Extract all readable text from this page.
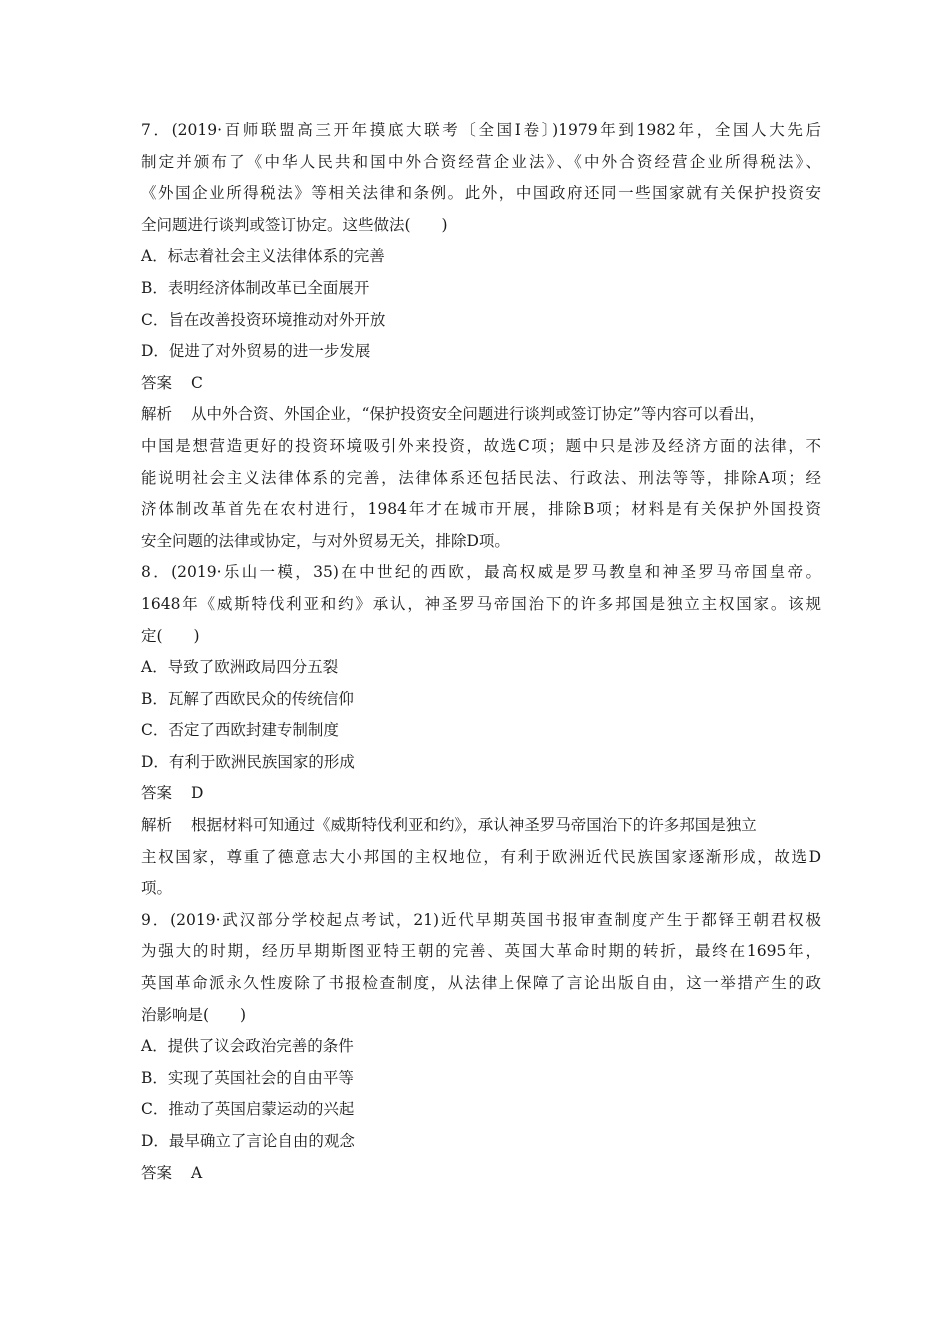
7．(2019·百师联盟高三开年摸底大联考〔全国Ⅰ卷〕)1979年到1982年，全国人大先后
制定并颁布了《中华人民共和国中外合资经营企业法》、《中外合资经营企业所得税法》、
《外国企业所得税法》等相关法律和条例。此外，中国政府还同一些国家就有关保护投资安
全问题进行谈判或签订协定。这些做法(　　)
A．标志着社会主义法律体系的完善
B．表明经济体制改革已全面展开
C．旨在改善投资环境推动对外开放
D．促进了对外贸易的进一步发展
答案 C
解析 从中外合资、外国企业，“保护投资安全问题进行谈判或签订协定”等内容可以看出，
中国是想营造更好的投资环境吸引外来投资，故选C项；题中只是涉及经济方面的法律，不
能说明社会主义法律体系的完善，法律体系还包括民法、行政法、刑法等等，排除A项；经
济体制改革首先在农村进行，1984年才在城市开展，排除B项；材料是有关保护外国投资
安全问题的法律或协定，与对外贸易无关，排除D项。
8．(2019·乐山一模，35)在中世纪的西欧，最高权威是罗马教皇和神圣罗马帝国皇帝。
1648年《威斯特伐利亚和约》承认，神圣罗马帝国治下的许多邦国是独立主权国家。该规
定(　　)
A．导致了欧洲政局四分五裂
B．瓦解了西欧民众的传统信仰
C．否定了西欧封建专制制度
D．有利于欧洲民族国家的形成
答案 D
解析 根据材料可知通过《威斯特伐利亚和约》，承认神圣罗马帝国治下的许多邦国是独立
主权国家，尊重了德意志大小邦国的主权地位，有利于欧洲近代民族国家逐渐形成，故选D
项。
9．(2019·武汉部分学校起点考试，21)近代早期英国书报审查制度产生于都铎王朝君权极
为强大的时期，经历早期斯图亚特王朝的完善、英国大革命时期的转折，最终在1695年，
英国革命派永久性废除了书报检查制度，从法律上保障了言论出版自由，这一举措产生的政
治影响是(　　)
A．提供了议会政治完善的条件
B．实现了英国社会的自由平等
C．推动了英国启蒙运动的兴起
D．最早确立了言论自由的观念
答案 A
